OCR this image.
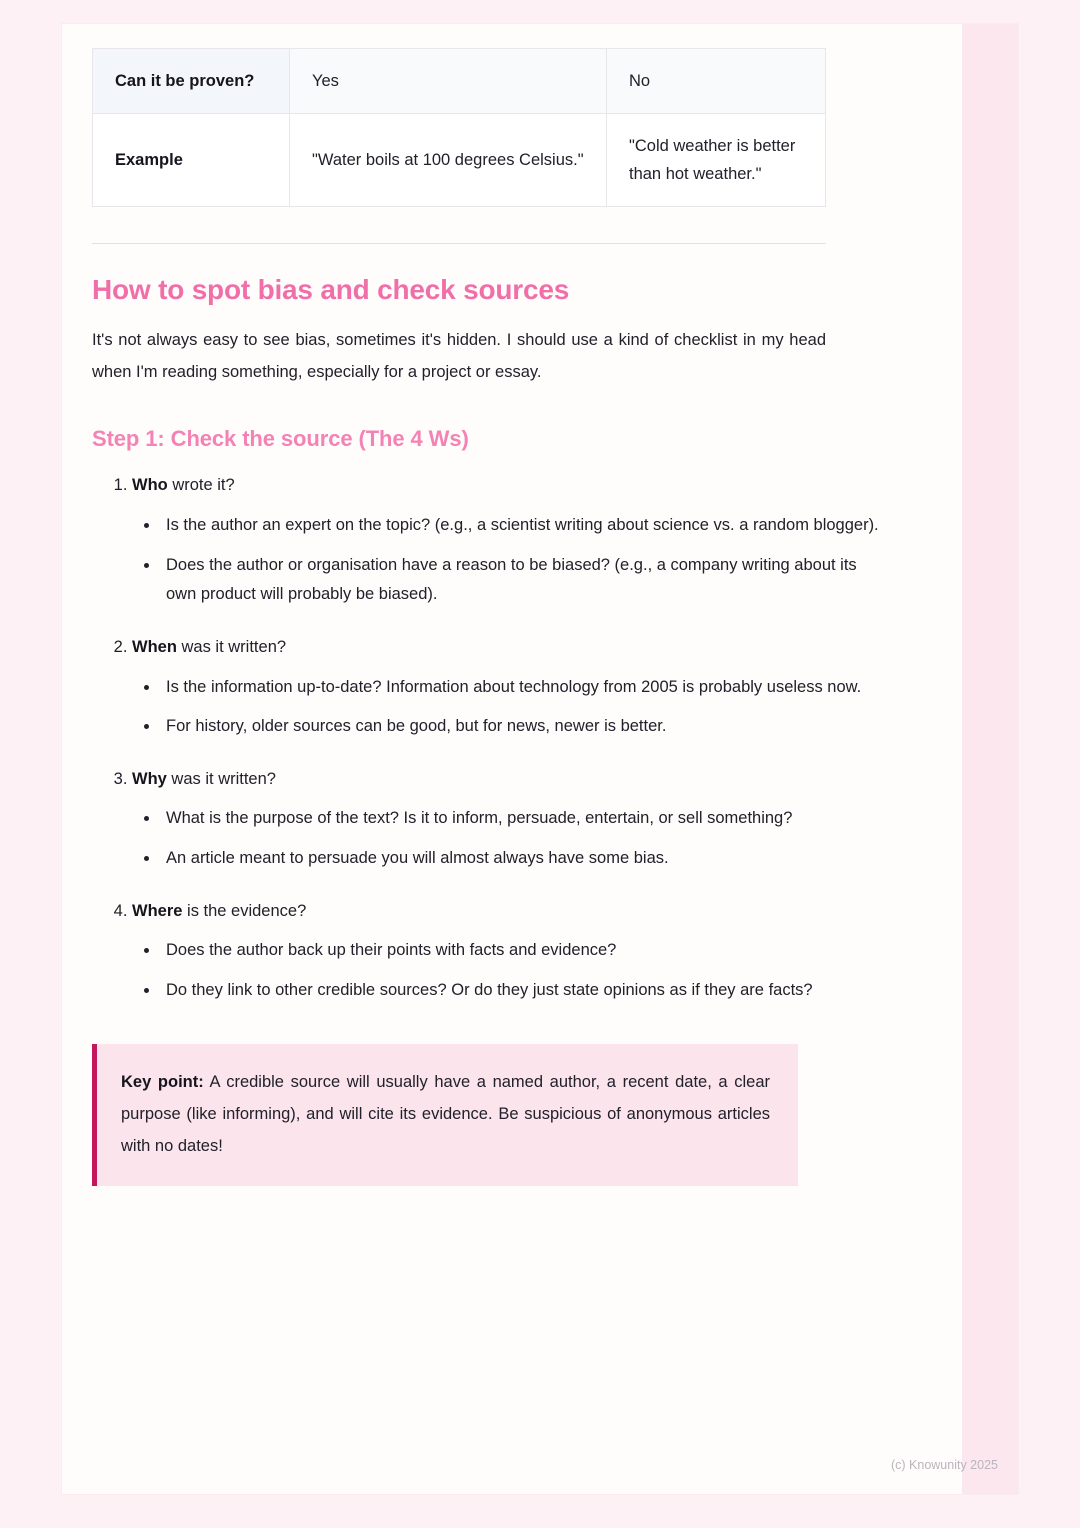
Can it be proven?	Yes	No
Example	"Water boils at 100 degrees Celsius."	"Cold weather is better than hot weather."
How to spot bias and check sources

It's not always easy to see bias, sometimes it's hidden. I should use a kind of checklist in my head when I'm reading something, especially for a project or essay.

Step 1: Check the source (The 4 Ws)
1. Who wrote it?
• Is the author an expert on the topic? (e.g., a scientist writing about science vs. a random blogger).
• Does the author or organisation have a reason to be biased? (e.g., a company writing about its own product will probably be biased).
2. When was it written?
• Is the information up-to-date? Information about technology from 2005 is probably useless now.
• For history, older sources can be good, but for news, newer is better.
3. Why was it written?
• What is the purpose of the text? Is it to inform, persuade, entertain, or sell something?
• An article meant to persuade you will almost always have some bias.
4. Where is the evidence?
• Does the author back up their points with facts and evidence?
• Do they link to other credible sources? Or do they just state opinions as if they are facts?

Key point: A credible source will usually have a named author, a recent date, a clear purpose (like informing), and will cite its evidence. Be suspicious of anonymous articles with no dates!

(c) Knowunity 2025
